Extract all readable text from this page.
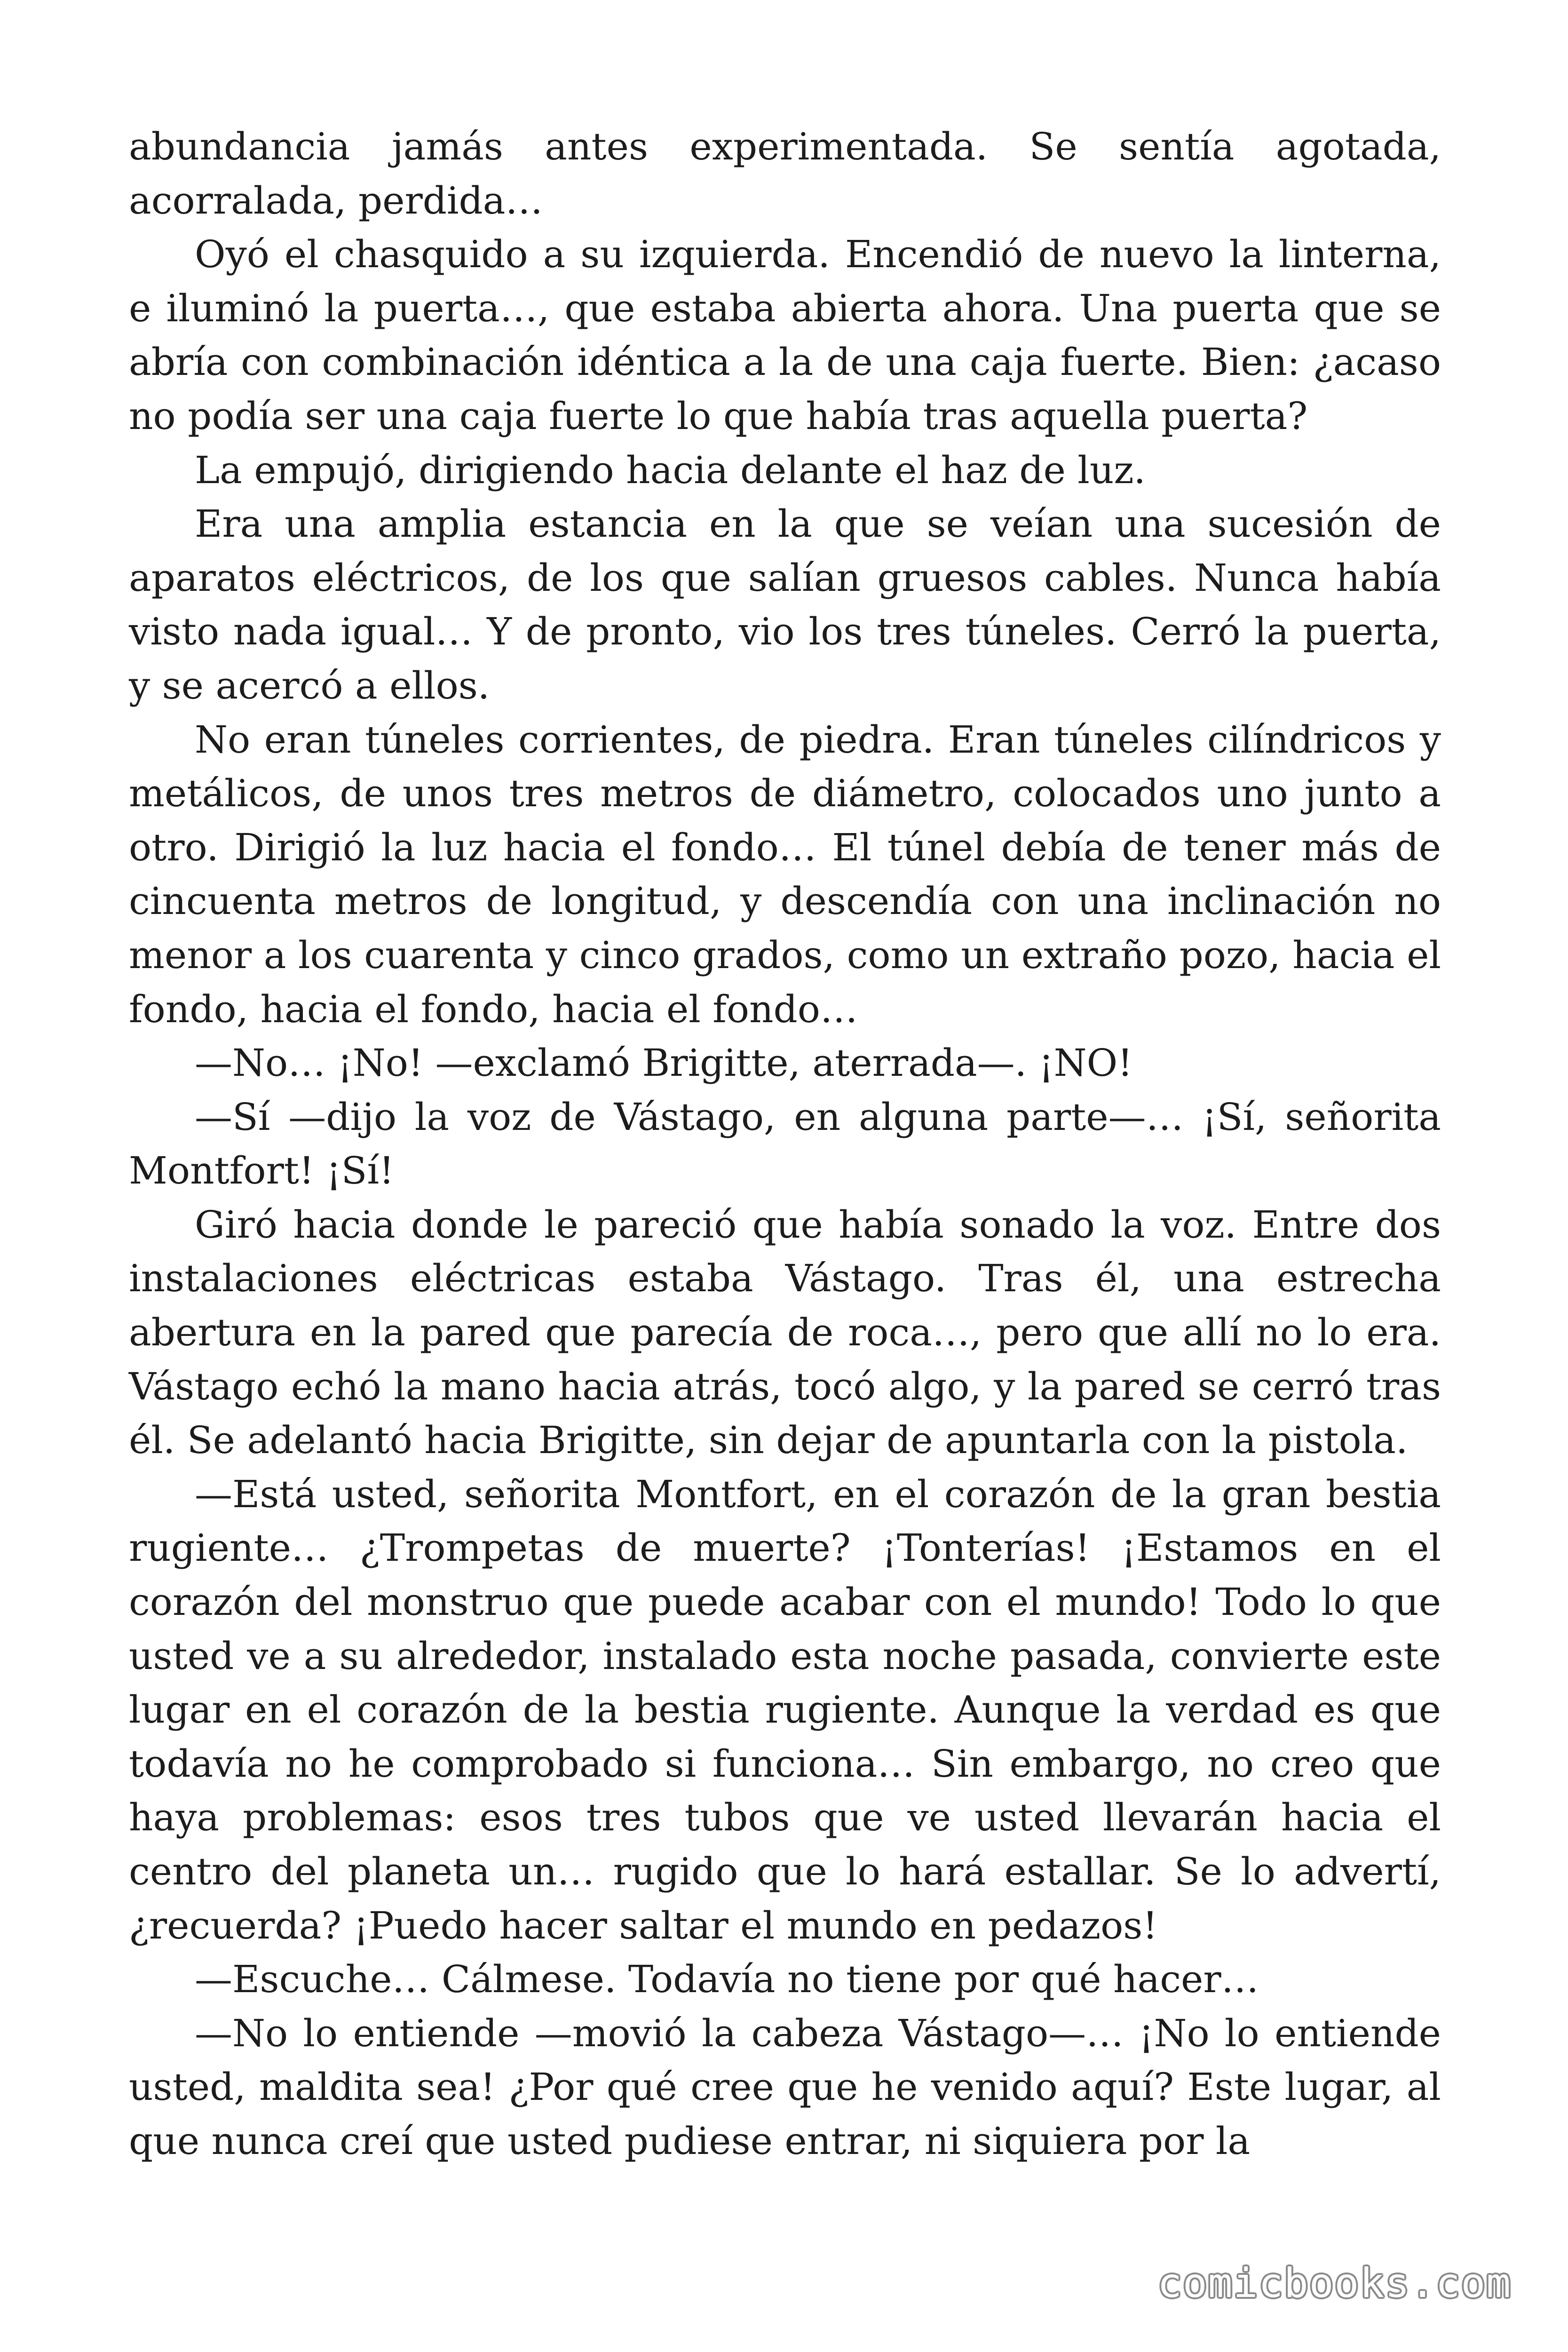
abundancia jamás antes experimentada. Se sentía agotada, acorralada, perdida…

Oyó el chasquido a su izquierda. Encendió de nuevo la linterna, e iluminó la puerta…, que estaba abierta ahora. Una puerta que se abría con combinación idéntica a la de una caja fuerte. Bien: ¿acaso no podía ser una caja fuerte lo que había tras aquella puerta?

La empujó, dirigiendo hacia delante el haz de luz.

Era una amplia estancia en la que se veían una sucesión de aparatos eléctricos, de los que salían gruesos cables. Nunca había visto nada igual… Y de pronto, vio los tres túneles. Cerró la puerta, y se acercó a ellos.

No eran túneles corrientes, de piedra. Eran túneles cilíndricos y metálicos, de unos tres metros de diámetro, colocados uno junto a otro. Dirigió la luz hacia el fondo… El túnel debía de tener más de cincuenta metros de longitud, y descendía con una inclinación no menor a los cuarenta y cinco grados, como un extraño pozo, hacia el fondo, hacia el fondo, hacia el fondo…

—No… ¡No! —exclamó Brigitte, aterrada—. ¡NO!

—Sí —dijo la voz de Vástago, en alguna parte—… ¡Sí, señorita Montfort! ¡Sí!

Giró hacia donde le pareció que había sonado la voz. Entre dos instalaciones eléctricas estaba Vástago. Tras él, una estrecha abertura en la pared que parecía de roca…, pero que allí no lo era. Vástago echó la mano hacia atrás, tocó algo, y la pared se cerró tras él. Se adelantó hacia Brigitte, sin dejar de apuntarla con la pistola.

—Está usted, señorita Montfort, en el corazón de la gran bestia rugiente… ¿Trompetas de muerte? ¡Tonterías! ¡Estamos en el corazón del monstruo que puede acabar con el mundo! Todo lo que usted ve a su alrededor, instalado esta noche pasada, convierte este lugar en el corazón de la bestia rugiente. Aunque la verdad es que todavía no he comprobado si funciona… Sin embargo, no creo que haya problemas: esos tres tubos que ve usted llevarán hacia el centro del planeta un… rugido que lo hará estallar. Se lo advertí, ¿recuerda? ¡Puedo hacer saltar el mundo en pedazos!

—Escuche… Cálmese. Todavía no tiene por qué hacer…

—No lo entiende —movió la cabeza Vástago—… ¡No lo entiende usted, maldita sea! ¿Por qué cree que he venido aquí? Este lugar, al que nunca creí que usted pudiese entrar, ni siquiera por la

comicbooks.com
